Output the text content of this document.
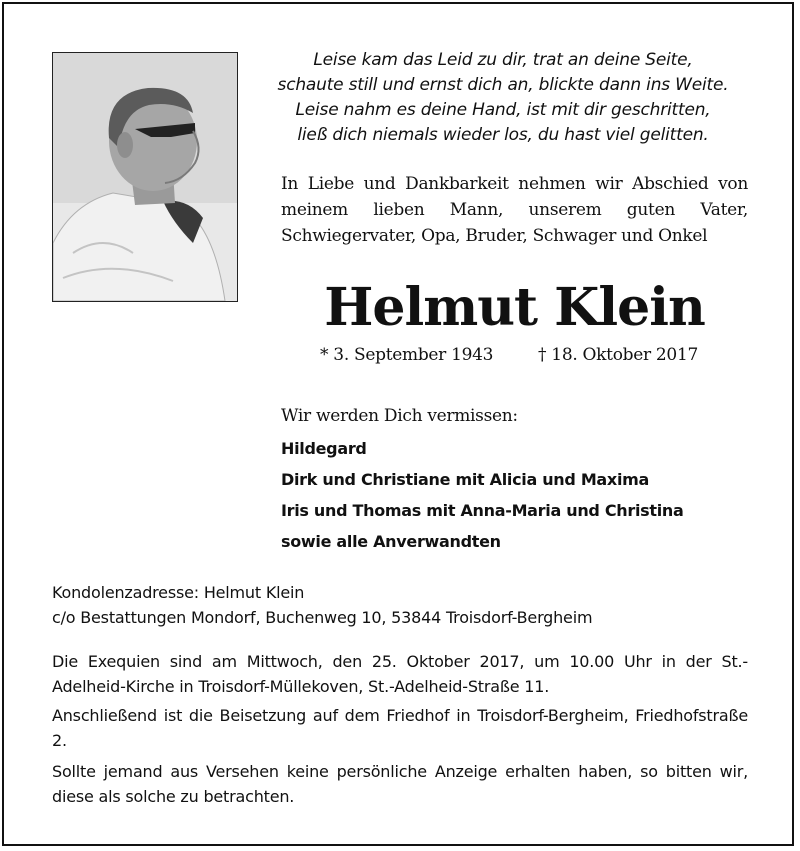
Leise kam das Leid zu dir, trat an deine Seite,
schaute still und ernst dich an, blickte dann ins Weite.
Leise nahm es deine Hand, ist mit dir geschritten,
ließ dich niemals wieder los, du hast viel gelitten.
In Liebe und Dankbarkeit nehmen wir Abschied von meinem lieben Mann, unserem guten Vater, Schwiegervater, Opa, Bruder, Schwager und Onkel
Helmut Klein
* 3. September 1943	† 18. Oktober 2017
Wir werden Dich vermissen:
Hildegard
Dirk und Christiane mit Alicia und Maxima
Iris und Thomas mit Anna-Maria und Christina
sowie alle Anverwandten
Kondolenzadresse: Helmut Klein
c/o Bestattungen Mondorf, Buchenweg 10, 53844 Troisdorf-Bergheim
Die Exequien sind am Mittwoch, den 25. Oktober 2017, um 10.00 Uhr in der St.-Adelheid-Kirche in Troisdorf-Müllekoven, St.-Adelheid-Straße 11.
Anschließend ist die Beisetzung auf dem Friedhof in Troisdorf-Bergheim, Friedhofstraße 2.
Sollte jemand aus Versehen keine persönliche Anzeige erhalten haben, so bitten wir, diese als solche zu betrachten.
